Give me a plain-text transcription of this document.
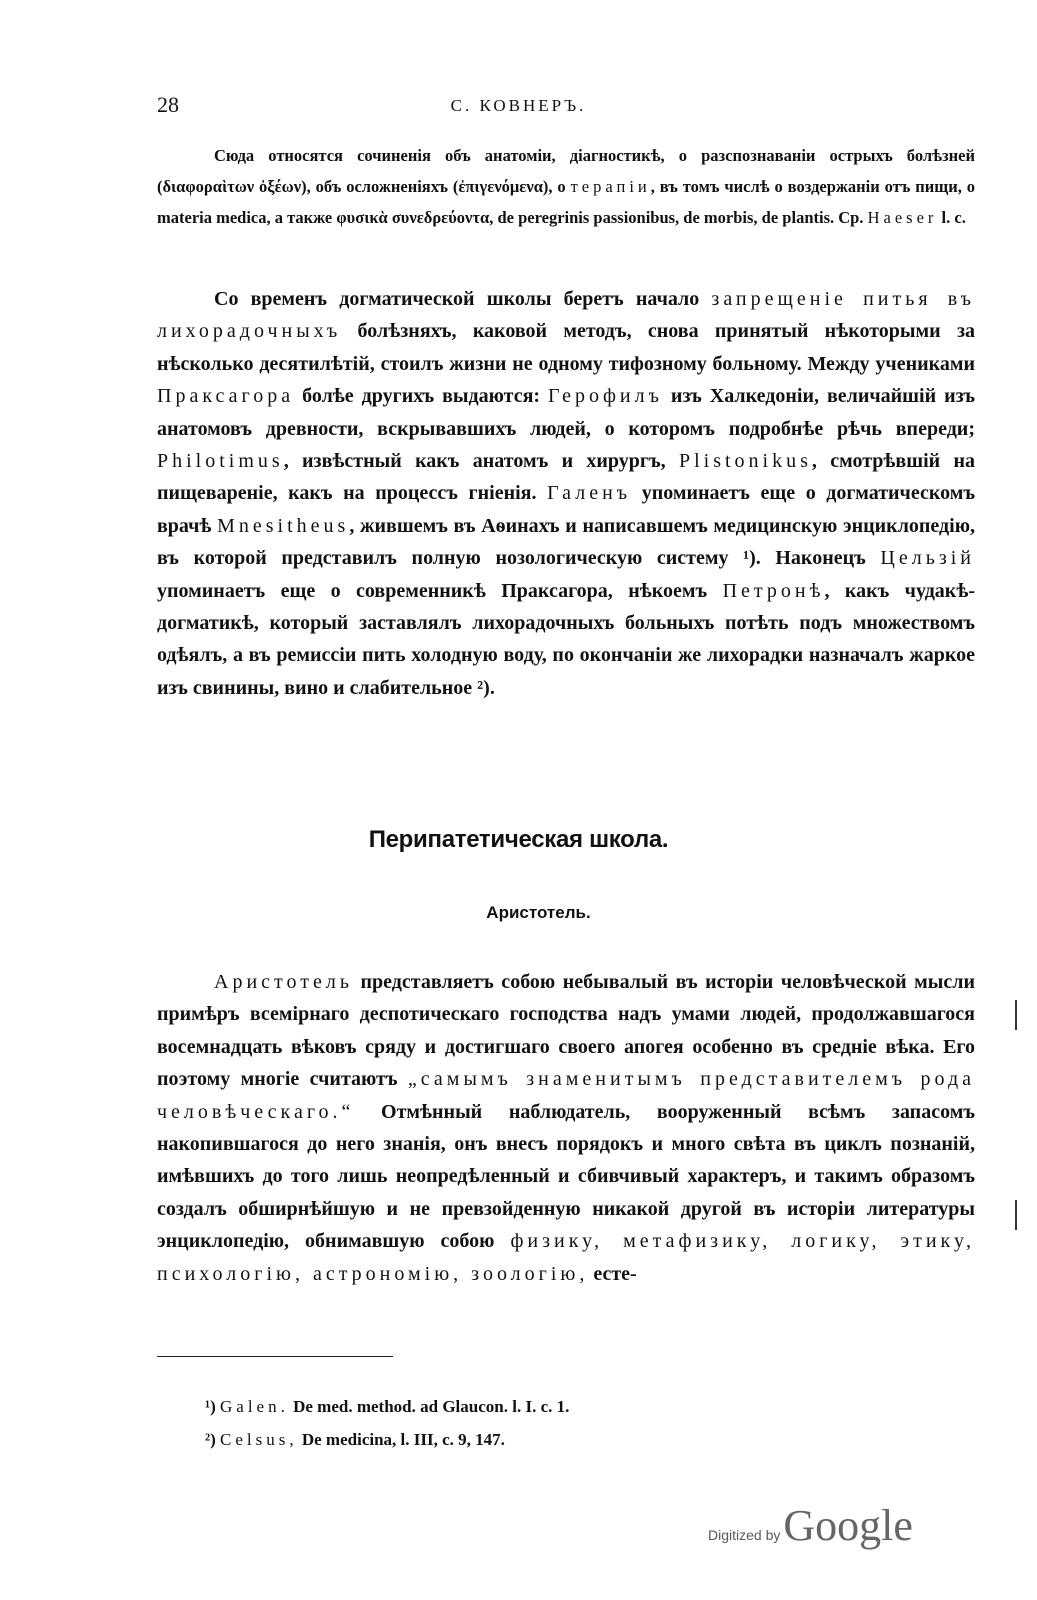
28	С. КОВНЕРЪ.
Сюда относятся сочиненія объ анатоміи, діагностикѣ, о разспознаваніи острыхъ болѣзней (διαφοραὶτων ὀξέων), объ осложненіяхъ (ἐπιγενόμενα), о терапіи, въ томъ числѣ о воздержаніи отъ пищи, о materia medica, а также φυσικὰ συνεδρεύοντα, de peregrinis passionibus, de morbis, de plantis. Ср. Haeser l. c.
Со временъ догматической школы беретъ начало запрещеніе питья въ лихорадочныхъ болѣзняхъ, каковой методъ, снова принятый нѣкоторыми за нѣсколько десятилѣтій, стоилъ жизни не одному тифозному больному. Между учениками Праксагора болѣе другихъ выдаются: Герофилъ изъ Халкедоніи, величайшій изъ анатомовъ древности, вскрывавшихъ людей, о которомъ подробнѣе рѣчь впереди; Philotimus, извѣстный какъ анатомъ и хирургъ, Plistonikus, смотрѣвшій на пищевареніе, какъ на процессъ гніенія. Галенъ упоминаетъ еще о догматическомъ врачѣ Mnesitheus, жившемъ въ Аѳинахъ и написавшемъ медицинскую энциклопедію, въ которой представилъ полную нозологическую систему ¹). Наконецъ Цельзій упоминаетъ еще о современникѣ Праксагора, нѣкоемъ Петронѣ, какъ чудакѣ-догматикѣ, который заставлялъ лихорадочныхъ больныхъ потѣть подъ множествомъ одѣялъ, а въ ремиссіи пить холодную воду, по окончаніи же лихорадки назначалъ жаркое изъ свинины, вино и слабительное ²).
Перипатетическая школа.
Аристотель.
Аристотель представляетъ собою небывалый въ исторіи человѣческой мысли примѣръ всемірнаго деспотическаго господства надъ умами людей, продолжавшагося восемнадцать вѣковъ сряду и достигшаго своего апогея особенно въ средніе вѣка. Его поэтому многіе считаютъ „самымъ знаменитымъ представителемъ рода человѣческаго.“ Отмѣнный наблюдатель, вооруженный всѣмъ запасомъ накопившагося до него знанія, онъ внесъ порядокъ и много свѣта въ циклъ познаній, имѣвшихъ до того лишь неопредѣленный и сбивчивый характеръ, и такимъ образомъ создалъ обширнѣйшую и не превзойденную никакой другой въ исторіи литературы энциклопедію, обнимавшую собою физику, метафизику, логику, этику, психологію, астрономію, зоологію, есте-
¹) Galen. De med. method. ad Glaucon. l. I. c. 1.
²) Celsus, De medicina, l. III, c. 9, 147.
Digitized by Google
